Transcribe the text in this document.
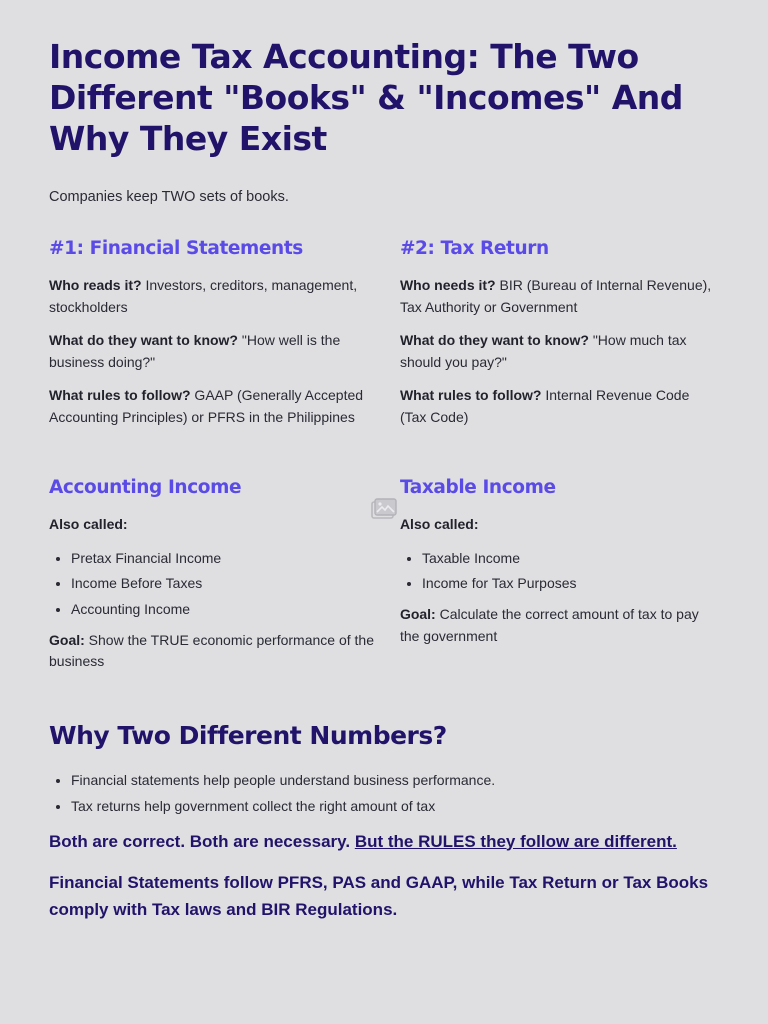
Income Tax Accounting: The Two Different "Books" & "Incomes" And Why They Exist

Companies keep TWO sets of books.

#1: Financial Statements

Who reads it? Investors, creditors, management, stockholders

What do they want to know? "How well is the business doing?"

What rules to follow? GAAP (Generally Accepted Accounting Principles) or PFRS in the Philippines

#2: Tax Return

Who needs it? BIR (Bureau of Internal Revenue), Tax Authority or Government

What do they want to know? "How much tax should you pay?"

What rules to follow? Internal Revenue Code (Tax Code)

Accounting Income

Also called:

• Pretax Financial Income
• Income Before Taxes
• Accounting Income

Goal: Show the TRUE economic performance of the business

Taxable Income

Also called:

• Taxable Income
• Income for Tax Purposes

Goal: Calculate the correct amount of tax to pay the government

Why Two Different Numbers?
• Financial statements help people understand business performance.
• Tax returns help government collect the right amount of tax

Both are correct. Both are necessary. But the RULES they follow are different.

Financial Statements follow PFRS, PAS and GAAP, while Tax Return or Tax Books comply with Tax laws and BIR Regulations.
